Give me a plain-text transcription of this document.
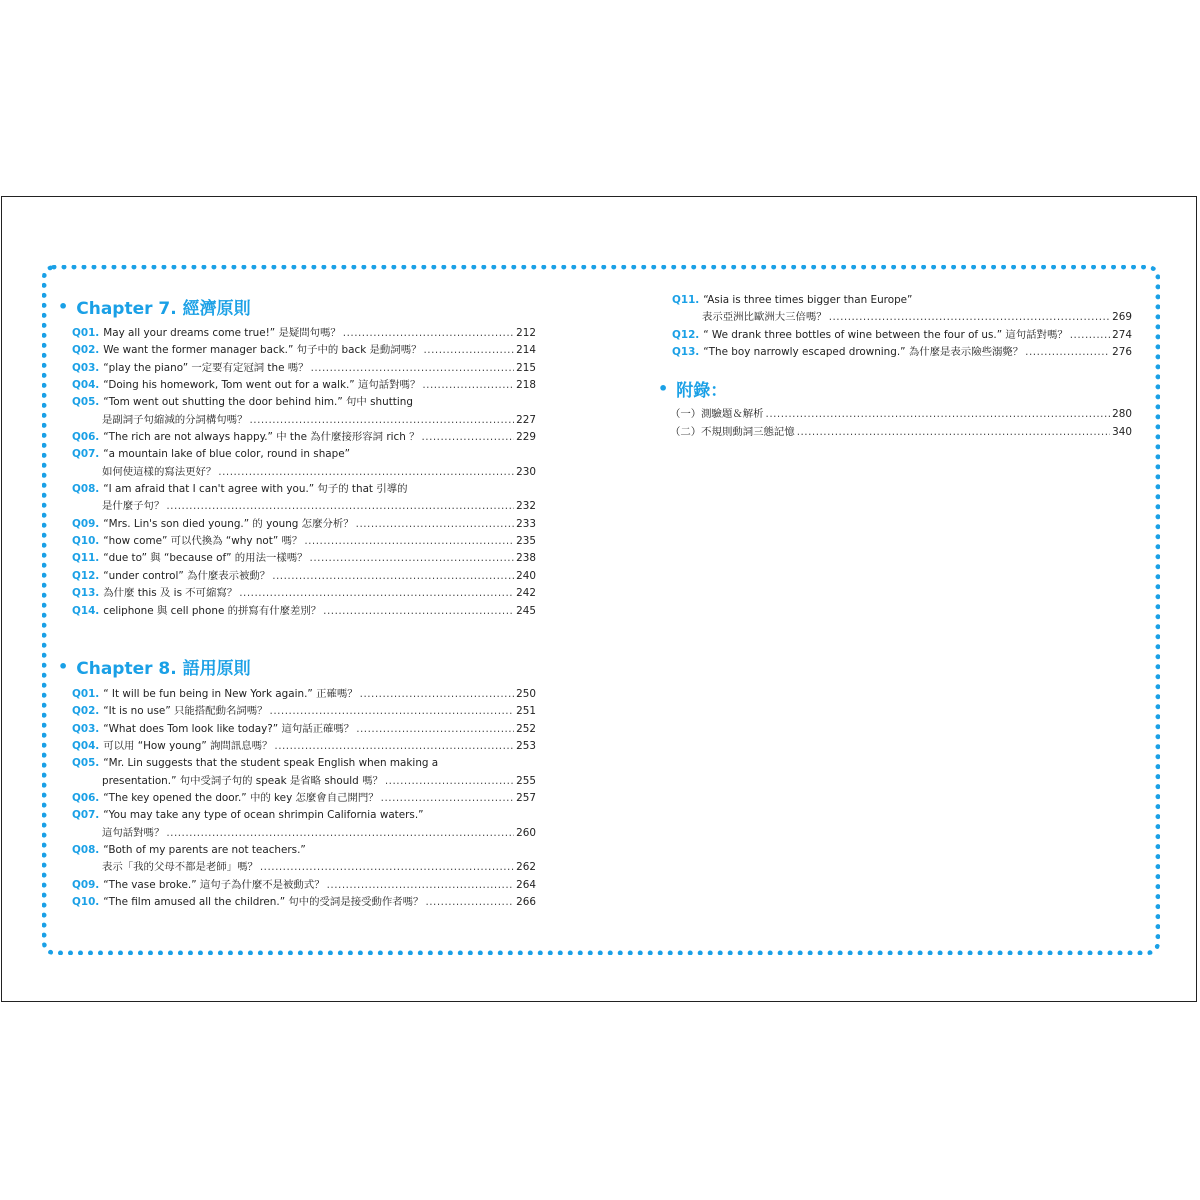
• Chapter 7. 經濟原則
Q01. May all your dreams come true!” 是疑問句嗎？ .....	212
Q02. We want the former manager back.” 句子中的 back 是動詞嗎？ .....	214
Q03. “play the piano” 一定要有定冠詞 the 嗎？ .....	215
Q04. “Doing his homework, Tom went out for a walk.” 這句話對嗎？ .....	218
Q05. “Tom went out shutting the door behind him.” 句中 shutting
是副詞子句縮減的分詞構句嗎？ .....	227
Q06. “The rich are not always happy.” 中 the 為什麼接形容詞 rich ？ .....	229
Q07. “a mountain lake of blue color, round in shape”
如何使這樣的寫法更好？ .....	230
Q08. “I am afraid that I can't agree with you.” 句子的 that 引導的
是什麼子句？ .....	232
Q09. “Mrs. Lin's son died young.” 的 young 怎麼分析？ .....	233
Q10. “how come” 可以代換為 “why not” 嗎？ .....	235
Q11. “due to” 與 “because of” 的用法一樣嗎？ .....	238
Q12. “under control” 為什麼表示被動？ .....	240
Q13. 為什麼 this 及 is 不可縮寫？ .....	242
Q14. celiphone 與 cell phone 的拼寫有什麼差別？ .....	245
• Chapter 8. 語用原則
Q01. “ It will be fun being in New York again.” 正確嗎？ .....	250
Q02. “It is no use” 只能搭配動名詞嗎？ .....	251
Q03. “What does Tom look like today?” 這句話正確嗎？ .....	252
Q04. 可以用 “How young” 詢問訊息嗎？ .....	253
Q05. “Mr. Lin suggests that the student speak English when making a
presentation.” 句中受詞子句的 speak 是省略 should 嗎？ .....	255
Q06. “The key opened the door.” 中的 key 怎麼會自己開門？ .....	257
Q07. “You may take any type of ocean shrimpin California waters.”
這句話對嗎？ .....	260
Q08. “Both of my parents are not teachers.”
表示「我的父母不都是老師」嗎？ .....	262
Q09. “The vase broke.” 這句子為什麼不是被動式？ .....	264
Q10. “The film amused all the children.” 句中的受詞是接受動作者嗎？ .....	266
Q11. “Asia is three times bigger than Europe”
表示亞洲比歐洲大三倍嗎？ .....	269
Q12. “ We drank three bottles of wine between the four of us.” 這句話對嗎？ .....	274
Q13. “The boy narrowly escaped drowning.” 為什麼是表示險些溺斃？ .....	276
• 附錄：
（一）測驗題＆解析 .....	280
（二）不規則動詞三態記憶 .....	340
